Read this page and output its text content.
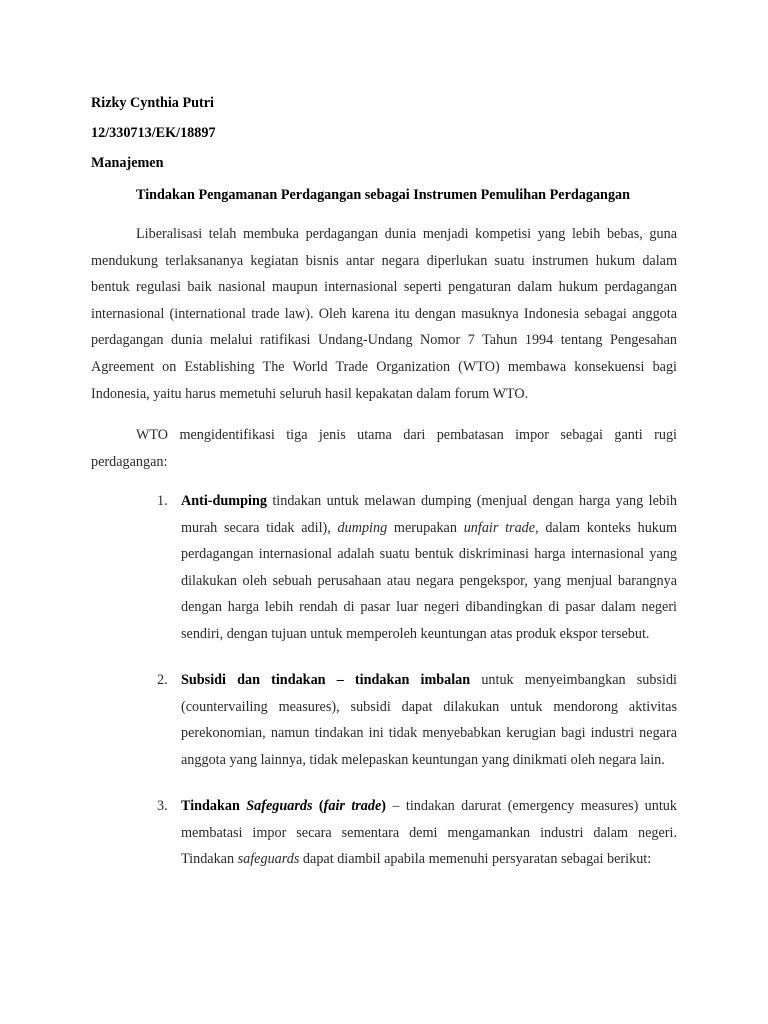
Rizky Cynthia Putri

12/330713/EK/18897

Manajemen

Tindakan Pengamanan Perdagangan sebagai Instrumen Pemulihan Perdagangan

Liberalisasi telah membuka perdagangan dunia menjadi kompetisi yang lebih bebas, guna mendukung terlaksananya kegiatan bisnis antar negara diperlukan suatu instrumen hukum dalam bentuk regulasi baik nasional maupun internasional seperti pengaturan dalam hukum perdagangan internasional (international trade law). Oleh karena itu dengan masuknya Indonesia sebagai anggota perdagangan dunia melalui ratifikasi Undang-Undang Nomor 7 Tahun 1994 tentang Pengesahan Agreement on Establishing The World Trade Organization (WTO) membawa konsekuensi bagi Indonesia, yaitu harus memetuhi seluruh hasil kepakatan dalam forum WTO.

WTO mengidentifikasi tiga jenis utama dari pembatasan impor sebagai ganti rugi perdagangan:

1. Anti-dumping tindakan untuk melawan dumping (menjual dengan harga yang lebih murah secara tidak adil), dumping merupakan unfair trade, dalam konteks hukum perdagangan internasional adalah suatu bentuk diskriminasi harga internasional yang dilakukan oleh sebuah perusahaan atau negara pengekspor, yang menjual barangnya dengan harga lebih rendah di pasar luar negeri dibandingkan di pasar dalam negeri sendiri, dengan tujuan untuk memperoleh keuntungan atas produk ekspor tersebut.

2. Subsidi dan tindakan – tindakan imbalan untuk menyeimbangkan subsidi (countervailing measures), subsidi dapat dilakukan untuk mendorong aktivitas perekonomian, namun tindakan ini tidak menyebabkan kerugian bagi industri negara anggota yang lainnya, tidak melepaskan keuntungan yang dinikmati oleh negara lain.

3. Tindakan Safeguards (fair trade) – tindakan darurat (emergency measures) untuk membatasi impor secara sementara demi mengamankan industri dalam negeri. Tindakan safeguards dapat diambil apabila memenuhi persyaratan sebagai berikut:
